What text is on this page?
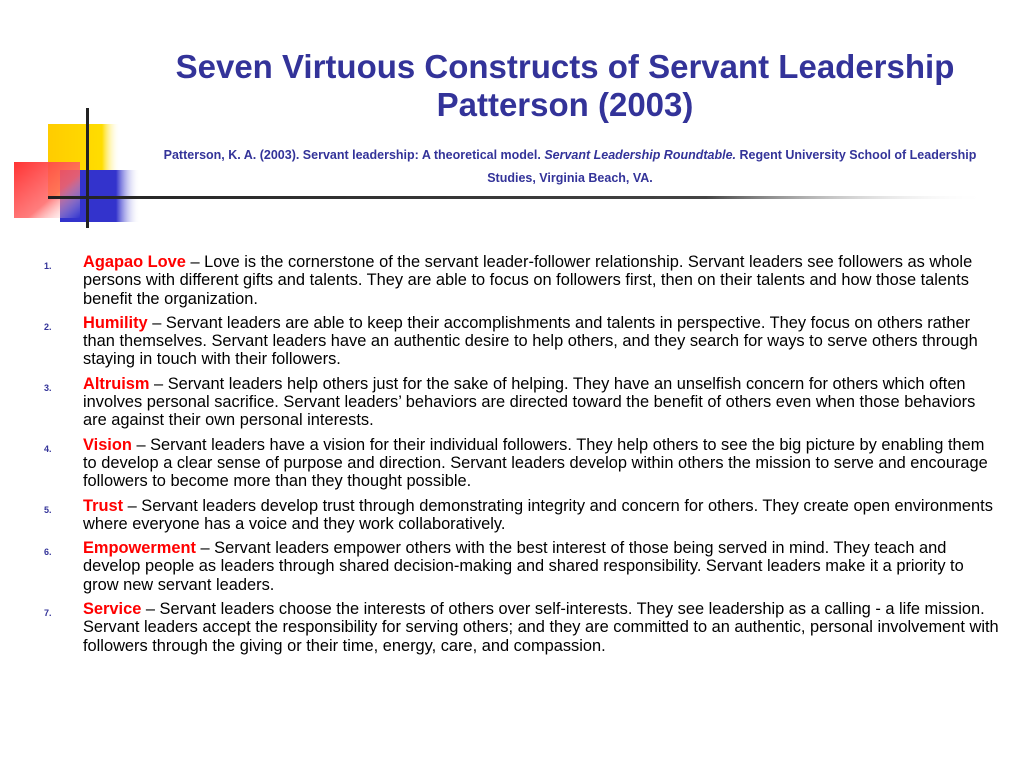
Seven Virtuous Constructs of Servant Leadership
Patterson (2003)

Patterson, K. A. (2003). Servant leadership: A theoretical model. Servant Leadership Roundtable. Regent University School of Leadership Studies, Virginia Beach, VA.

1. Agapao Love – Love is the cornerstone of the servant leader-follower relationship. Servant leaders see followers as whole persons with different gifts and talents. They are able to focus on followers first, then on their talents and how those talents benefit the organization.
2. Humility – Servant leaders are able to keep their accomplishments and talents in perspective. They focus on others rather than themselves. Servant leaders have an authentic desire to help others, and they search for ways to serve others through staying in touch with their followers.
3. Altruism – Servant leaders help others just for the sake of helping. They have an unselfish concern for others which often involves personal sacrifice. Servant leaders’ behaviors are directed toward the benefit of others even when those behaviors are against their own personal interests.
4. Vision – Servant leaders have a vision for their individual followers. They help others to see the big picture by enabling them to develop a clear sense of purpose and direction. Servant leaders develop within others the mission to serve and encourage followers to become more than they thought possible.
5. Trust – Servant leaders develop trust through demonstrating integrity and concern for others. They create open environments where everyone has a voice and they work collaboratively.
6. Empowerment – Servant leaders empower others with the best interest of those being served in mind. They teach and develop people as leaders through shared decision-making and shared responsibility. Servant leaders make it a priority to grow new servant leaders.
7. Service – Servant leaders choose the interests of others over self-interests. They see leadership as a calling - a life mission. Servant leaders accept the responsibility for serving others; and they are committed to an authentic, personal involvement with followers through the giving or their time, energy, care, and compassion.
